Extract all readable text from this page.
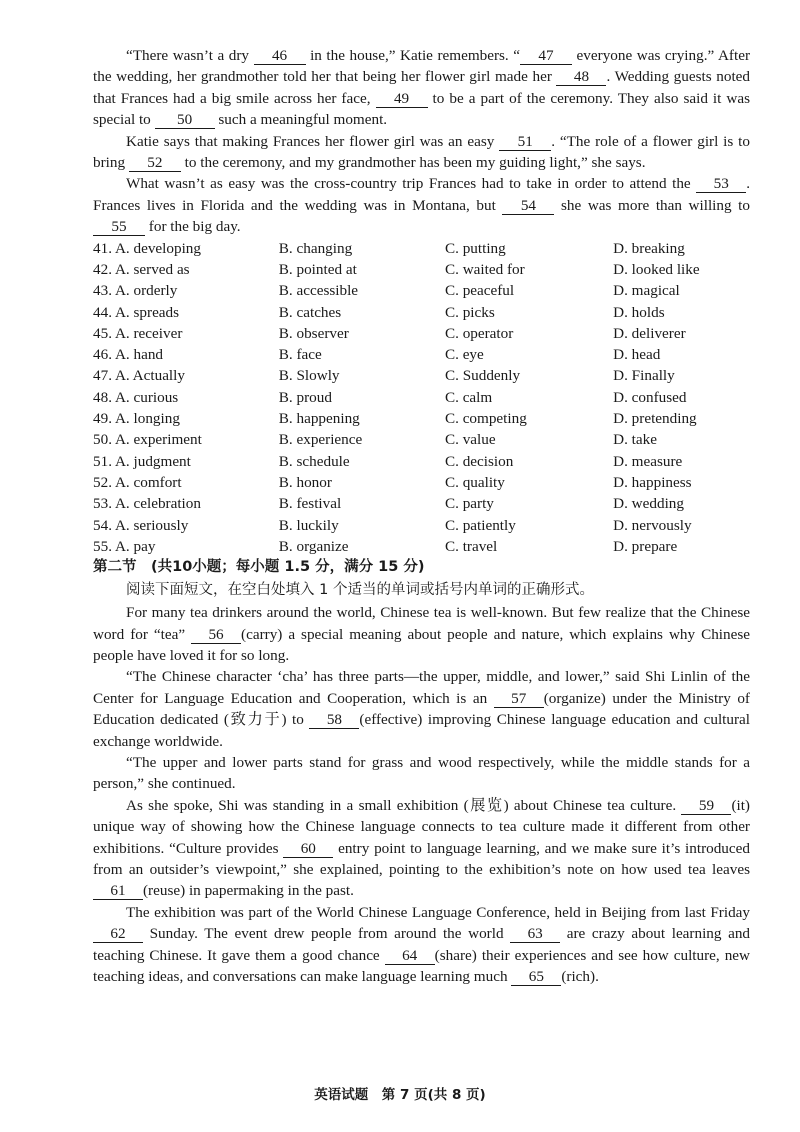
“There wasn’t a dry 46 in the house,” Katie remembers. “ 47 everyone was crying.” After the wedding, her grandmother told her that being her flower girl made her 48 . Wedding guests noted that Frances had a big smile across her face, 49 to be a part of the ceremony. They also said it was special to 50 such a meaningful moment.

Katie says that making Frances her flower girl was an easy 51 . “The role of a flower girl is to bring 52 to the ceremony, and my grandmother has been my guiding light,” she says.

What wasn’t as easy was the cross-country trip Frances had to take in order to attend the 53 . Frances lives in Florida and the wedding was in Montana, but 54 she was more than willing to 55 for the big day.

41. A. developing	B. changing	C. putting	D. breaking
42. A. served as	B. pointed at	C. waited for	D. looked like
43. A. orderly	B. accessible	C. peaceful	D. magical
44. A. spreads	B. catches	C. picks	D. holds
45. A. receiver	B. observer	C. operator	D. deliverer
46. A. hand	B. face	C. eye	D. head
47. A. Actually	B. Slowly	C. Suddenly	D. Finally
48. A. curious	B. proud	C. calm	D. confused
49. A. longing	B. happening	C. competing	D. pretending
50. A. experiment	B. experience	C. value	D. take
51. A. judgment	B. schedule	C. decision	D. measure
52. A. comfort	B. honor	C. quality	D. happiness
53. A. celebration	B. festival	C. party	D. wedding
54. A. seriously	B. luckily	C. patiently	D. nervously
55. A. pay	B. organize	C. travel	D. prepare

第二节　(共10小题；每小题 1.5 分，满分 15 分)

阅读下面短文，在空白处填入 1 个适当的单词或括号内单词的正确形式。

For many tea drinkers around the world, Chinese tea is well-known. But few realize that the Chinese word for “tea” 56 (carry) a special meaning about people and nature, which explains why Chinese people have loved it for so long.

“The Chinese character ‘cha’ has three parts—the upper, middle, and lower,” said Shi Linlin of the Center for Language Education and Cooperation, which is an 57 (organize) under the Ministry of Education dedicated (致力于) to 58 (effective) improving Chinese language education and cultural exchange worldwide.

“The upper and lower parts stand for grass and wood respectively, while the middle stands for a person,” she continued.

As she spoke, Shi was standing in a small exhibition (展览) about Chinese tea culture. 59 (it) unique way of showing how the Chinese language connects to tea culture made it different from other exhibitions. “Culture provides 60 entry point to language learning, and we make sure it’s introduced from an outsider’s viewpoint,” she explained, pointing to the exhibition’s note on how used tea leaves 61 (reuse) in papermaking in the past.

The exhibition was part of the World Chinese Language Conference, held in Beijing from last Friday 62 Sunday. The event drew people from around the world 63 are crazy about learning and teaching Chinese. It gave them a good chance 64 (share) their experiences and see how culture, new teaching ideas, and conversations can make language learning much 65 (rich).

英语试题　第 7 页(共 8 页)
